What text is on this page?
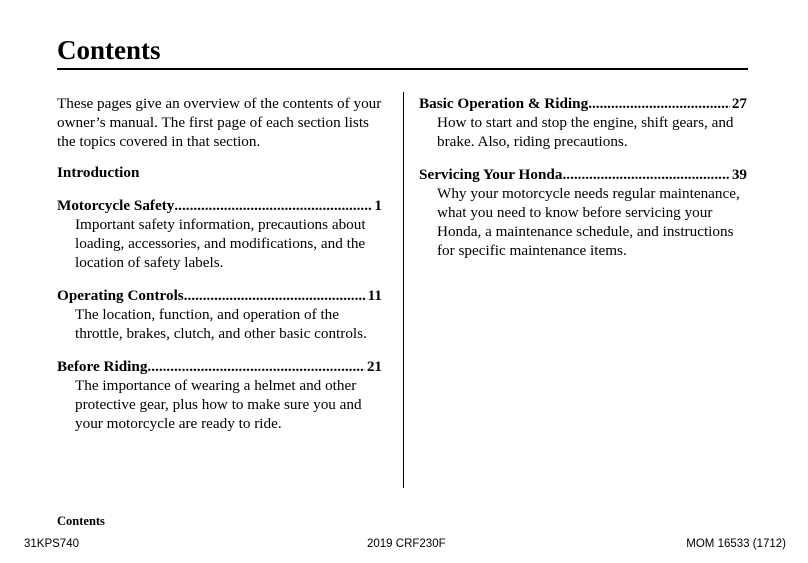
Contents

These pages give an overview of the contents of your owner’s manual. The first page of each section lists the topics covered in that section.

Introduction
Motorcycle Safety .....	1

Important safety information, precautions about loading, accessories, and modifications, and the location of safety labels.

Operating Controls .....	11

The location, function, and operation of the throttle, brakes, clutch, and other basic controls.

Before Riding .....	21

The importance of wearing a helmet and other protective gear, plus how to make sure you and your motorcycle are ready to ride.

Basic Operation & Riding .....	27

How to start and stop the engine, shift gears, and brake. Also, riding precautions.

Servicing Your Honda .....	39

Why your motorcycle needs regular maintenance, what you need to know before servicing your Honda, a maintenance schedule, and instructions for specific maintenance items.

Contents
31KPS740	2019 CRF230F	MOM 16533 (1712)
